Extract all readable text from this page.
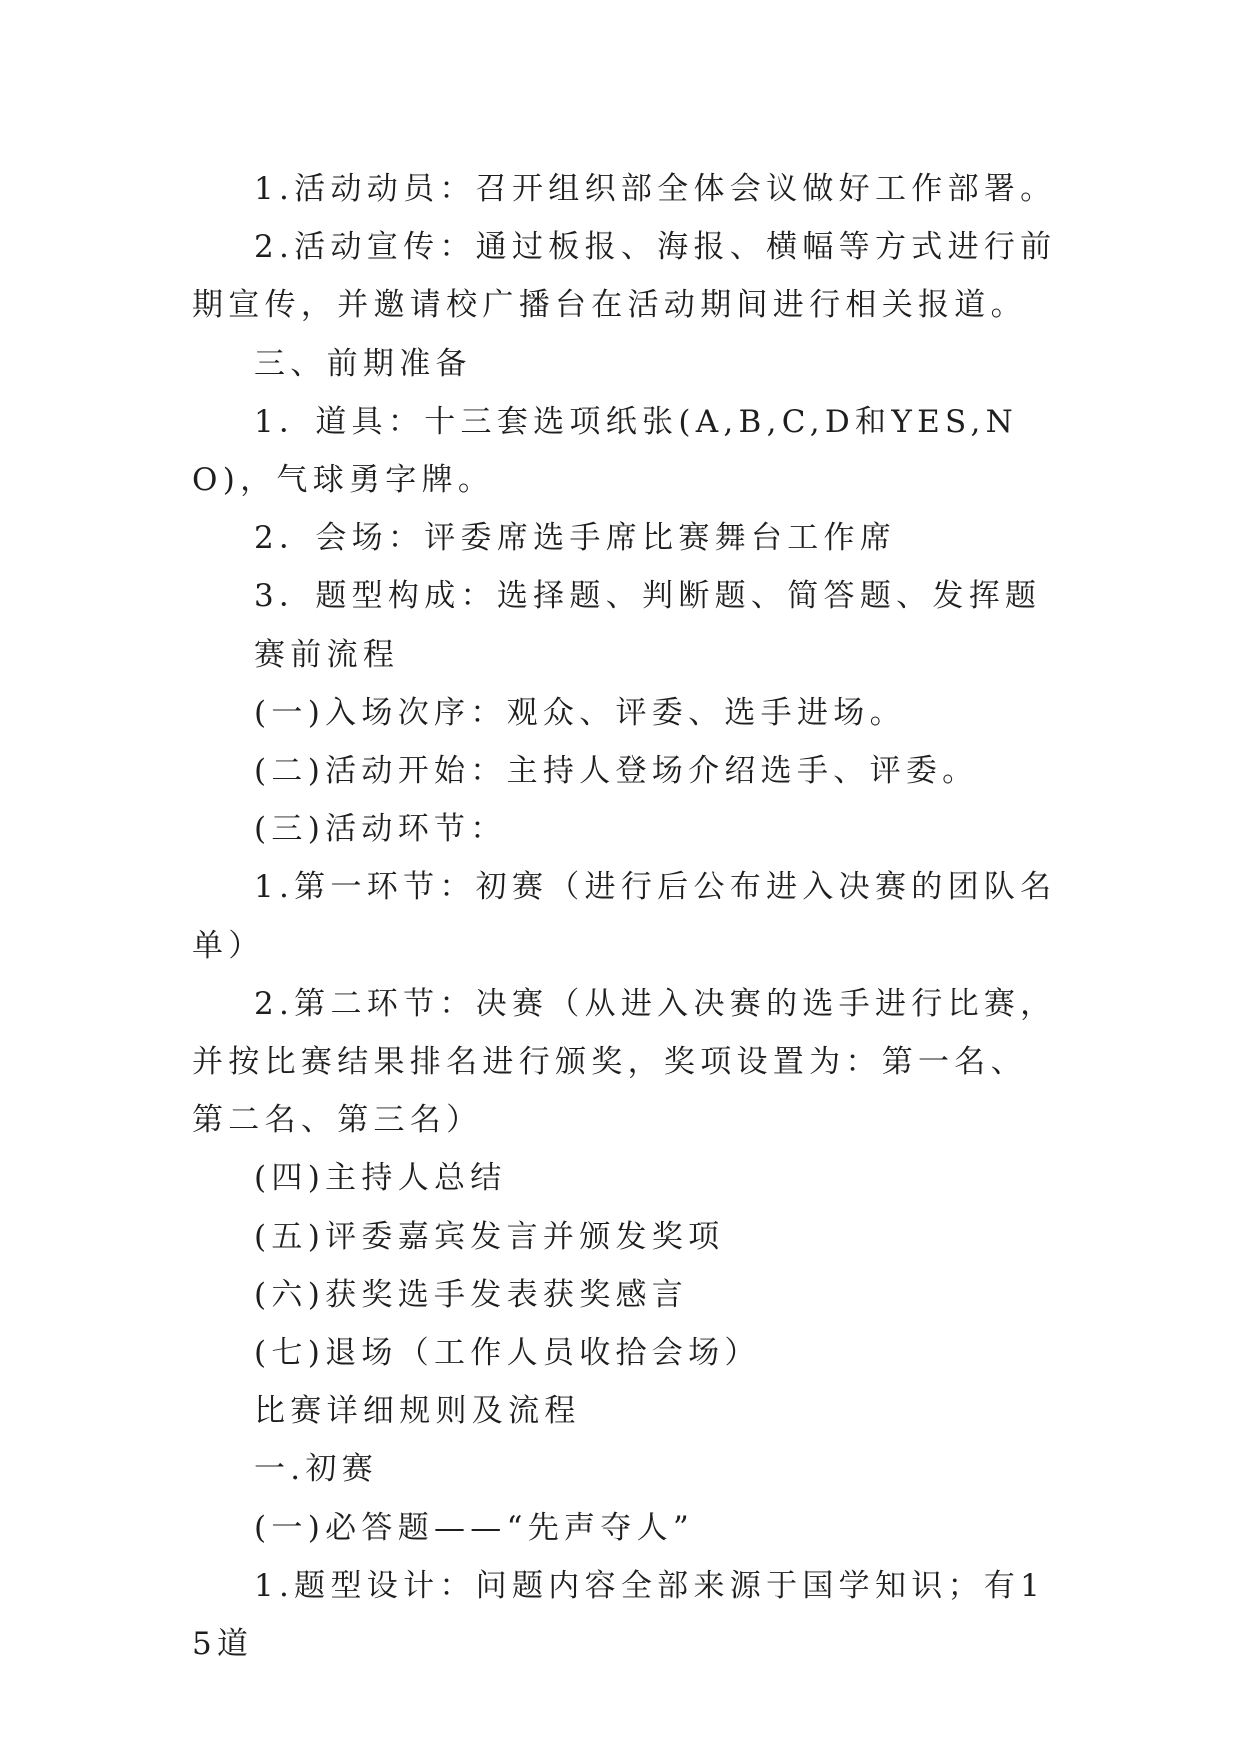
1.活动动员：召开组织部全体会议做好工作部署。

2.活动宣传：通过板报、海报、横幅等方式进行前期宣传，并邀请校广播台在活动期间进行相关报道。

三、前期准备

1．道具：十三套选项纸张(A,B,C,D和YES,NO)，气球勇字牌。

2．会场：评委席选手席比赛舞台工作席

3．题型构成：选择题、判断题、简答题、发挥题

赛前流程

(一)入场次序：观众、评委、选手进场。

(二)活动开始：主持人登场介绍选手、评委。

(三)活动环节：

1.第一环节：初赛（进行后公布进入决赛的团队名单）

2.第二环节：决赛（从进入决赛的选手进行比赛，并按比赛结果排名进行颁奖，奖项设置为：第一名、第二名、第三名）

(四)主持人总结

(五)评委嘉宾发言并颁发奖项

(六)获奖选手发表获奖感言

(七)退场（工作人员收拾会场）

比赛详细规则及流程

一.初赛

(一)必答题——“先声夺人”

1.题型设计：问题内容全部来源于国学知识；有15道
